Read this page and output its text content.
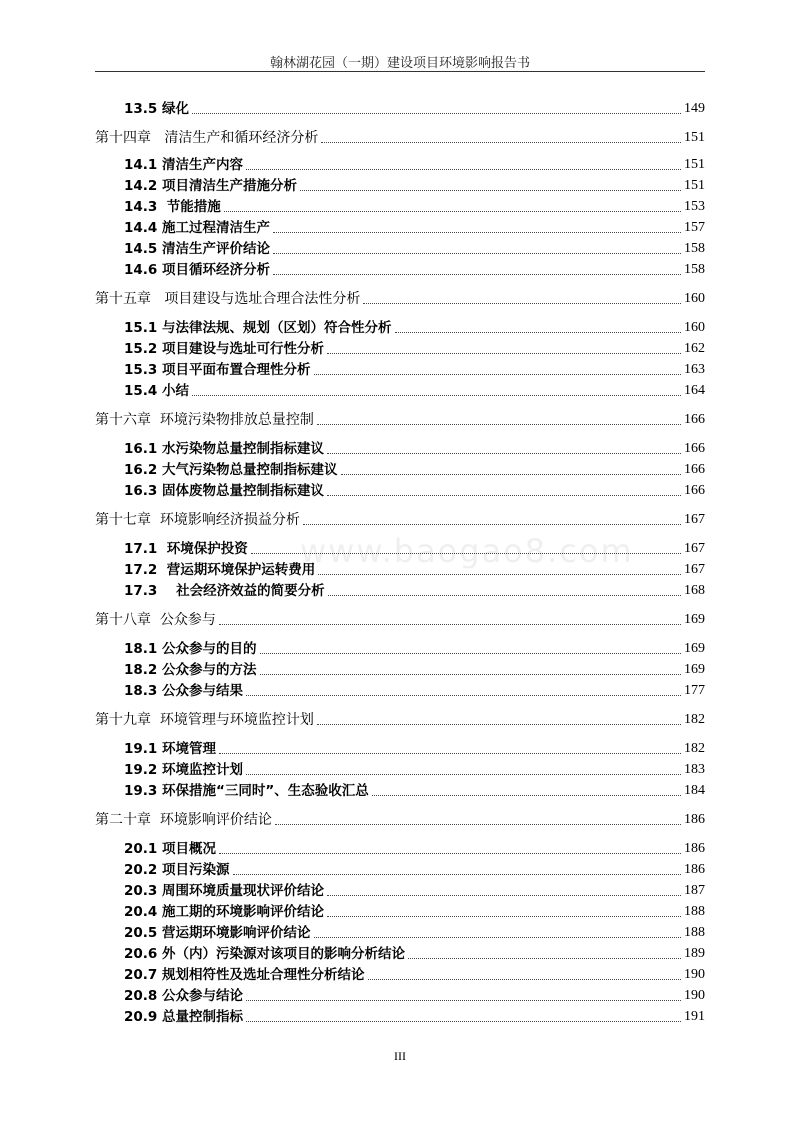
翰林湖花园（一期）建设项目环境影响报告书
www.baogao8.com
13.5 绿化	149
第十四章   清洁生产和循环经济分析	151
14.1 清洁生产内容	151
14.2 项目清洁生产措施分析	151
14.3  节能措施	153
14.4 施工过程清洁生产	157
14.5 清洁生产评价结论	158
14.6 项目循环经济分析	158
第十五章   项目建设与选址合理合法性分析	160
15.1 与法律法规、规划（区划）符合性分析	160
15.2 项目建设与选址可行性分析	162
15.3 项目平面布置合理性分析	163
15.4 小结	164
第十六章  环境污染物排放总量控制	166
16.1 水污染物总量控制指标建议	166
16.2 大气污染物总量控制指标建议	166
16.3 固体废物总量控制指标建议	166
第十七章  环境影响经济损益分析	167
17.1  环境保护投资	167
17.2  营运期环境保护运转费用	167
17.3    社会经济效益的简要分析	168
第十八章  公众参与	169
18.1 公众参与的目的	169
18.2 公众参与的方法	169
18.3 公众参与结果	177
第十九章  环境管理与环境监控计划	182
19.1 环境管理	182
19.2 环境监控计划	183
19.3 环保措施“三同时”、生态验收汇总	184
第二十章  环境影响评价结论	186
20.1 项目概况	186
20.2 项目污染源	186
20.3 周围环境质量现状评价结论	187
20.4 施工期的环境影响评价结论	188
20.5 营运期环境影响评价结论	188
20.6 外（内）污染源对该项目的影响分析结论	189
20.7 规划相符性及选址合理性分析结论	190
20.8 公众参与结论	190
20.9 总量控制指标	191
III
